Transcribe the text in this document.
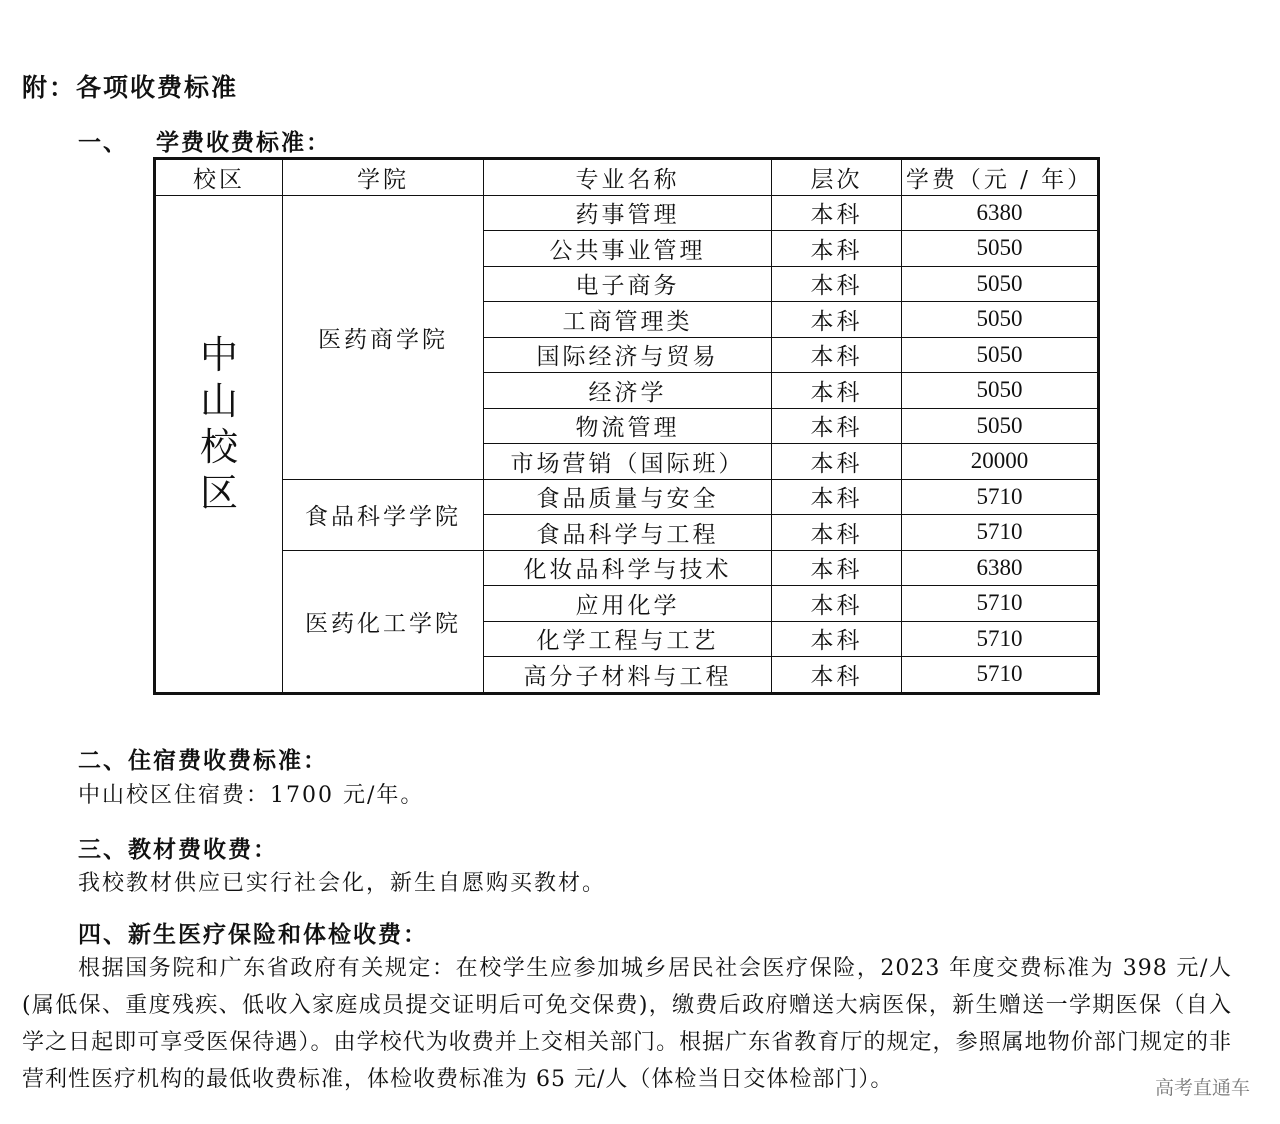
附：各项收费标准
一、 学费收费标准：
校区	学院	专业名称	层次	学费（元 / 年）
中山校区	医药商学院	药事管理	本科	6380
		公共事业管理	本科	5050
		电子商务	本科	5050
		工商管理类	本科	5050
		国际经济与贸易	本科	5050
		经济学	本科	5050
		物流管理	本科	5050
		市场营销（国际班）	本科	20000
	食品科学学院	食品质量与安全	本科	5710
		食品科学与工程	本科	5710
	医药化工学院	化妆品科学与技术	本科	6380
		应用化学	本科	5710
		化学工程与工艺	本科	5710
		高分子材料与工程	本科	5710
二、住宿费收费标准：
中山校区住宿费：1700 元/年。
三、教材费收费：
我校教材供应已实行社会化，新生自愿购买教材。
四、新生医疗保险和体检收费：
根据国务院和广东省政府有关规定：在校学生应参加城乡居民社会医疗保险，2023 年度交费标准为 398 元/人(属低保、重度残疾、低收入家庭成员提交证明后可免交保费)，缴费后政府赠送大病医保，新生赠送一学期医保（自入学之日起即可享受医保待遇）。由学校代为收费并上交相关部门。根据广东省教育厅的规定，参照属地物价部门规定的非营利性医疗机构的最低收费标准，体检收费标准为 65 元/人（体检当日交体检部门）。	高考直通车
